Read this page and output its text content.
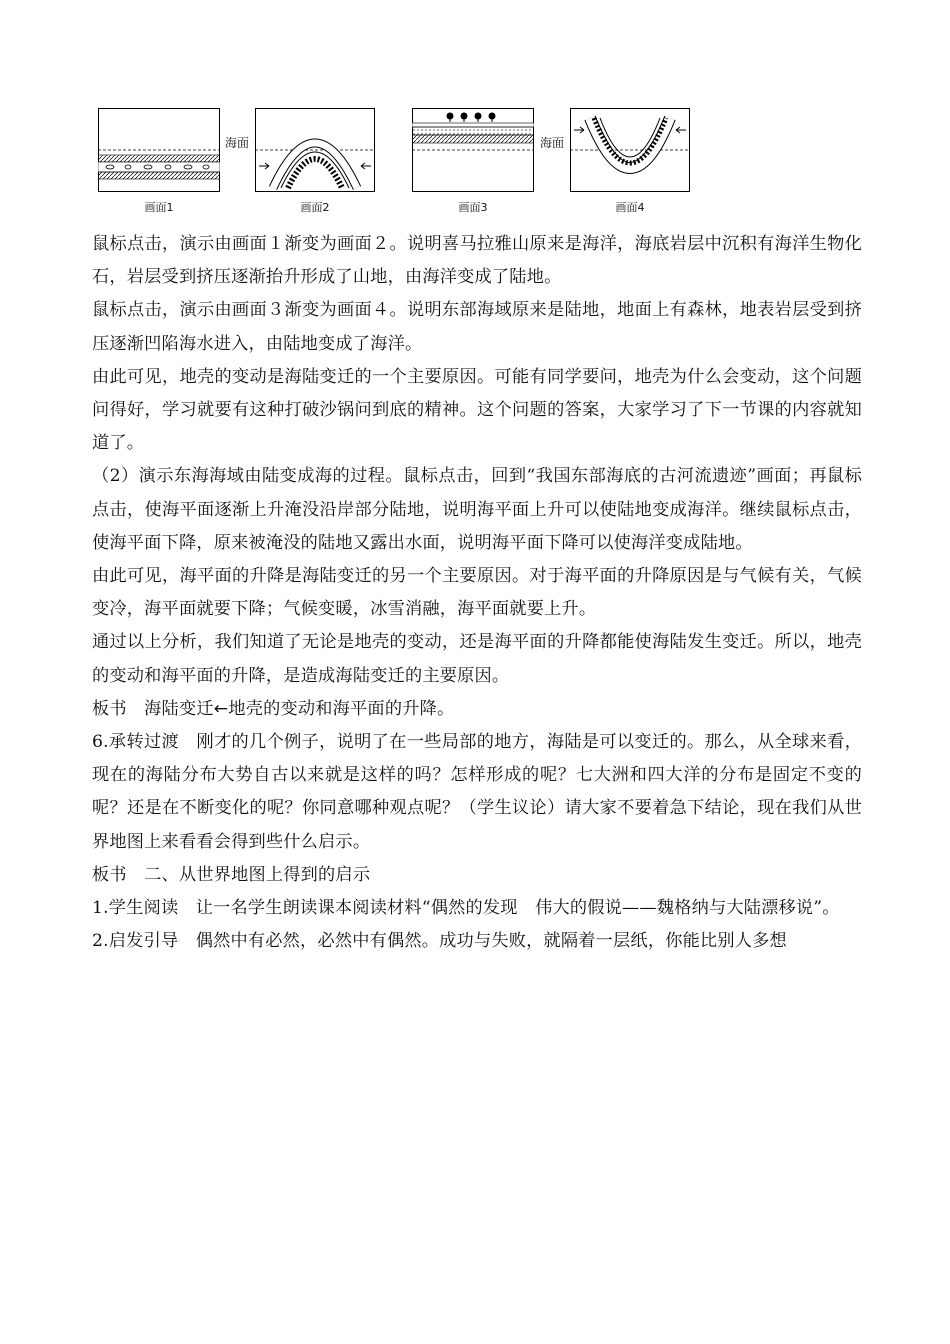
海面	海面
画面1	画面2	画面3	画面4

鼠标点击，演示由画面１渐变为画面２。说明喜马拉雅山原来是海洋，海底岩层中沉积有海洋生物化石，岩层受到挤压逐渐抬升形成了山地，由海洋变成了陆地。

鼠标点击，演示由画面３渐变为画面４。说明东部海域原来是陆地，地面上有森林，地表岩层受到挤压逐渐凹陷海水进入，由陆地变成了海洋。

由此可见，地壳的变动是海陆变迁的一个主要原因。可能有同学要问，地壳为什么会变动，这个问题问得好，学习就要有这种打破沙锅问到底的精神。这个问题的答案，大家学习了下一节课的内容就知道了。

（2）演示东海海域由陆变成海的过程。鼠标点击，回到“我国东部海底的古河流遗迹”画面；再鼠标点击，使海平面逐渐上升淹没沿岸部分陆地，说明海平面上升可以使陆地变成海洋。继续鼠标点击，使海平面下降，原来被淹没的陆地又露出水面，说明海平面下降可以使海洋变成陆地。

由此可见，海平面的升降是海陆变迁的另一个主要原因。对于海平面的升降原因是与气候有关，气候变冷，海平面就要下降；气候变暖，冰雪消融，海平面就要上升。

通过以上分析，我们知道了无论是地壳的变动，还是海平面的升降都能使海陆发生变迁。所以，地壳的变动和海平面的升降，是造成海陆变迁的主要原因。

板书　海陆变迁←地壳的变动和海平面的升降。

6.承转过渡　刚才的几个例子，说明了在一些局部的地方，海陆是可以变迁的。那么，从全球来看，现在的海陆分布大势自古以来就是这样的吗？怎样形成的呢？七大洲和四大洋的分布是固定不变的呢？还是在不断变化的呢？你同意哪种观点呢？（学生议论）请大家不要着急下结论，现在我们从世界地图上来看看会得到些什么启示。

板书　二、从世界地图上得到的启示

1.学生阅读　让一名学生朗读课本阅读材料“偶然的发现　伟大的假说——魏格纳与大陆漂移说”。

2.启发引导　偶然中有必然，必然中有偶然。成功与失败，就隔着一层纸，你能比别人多想
